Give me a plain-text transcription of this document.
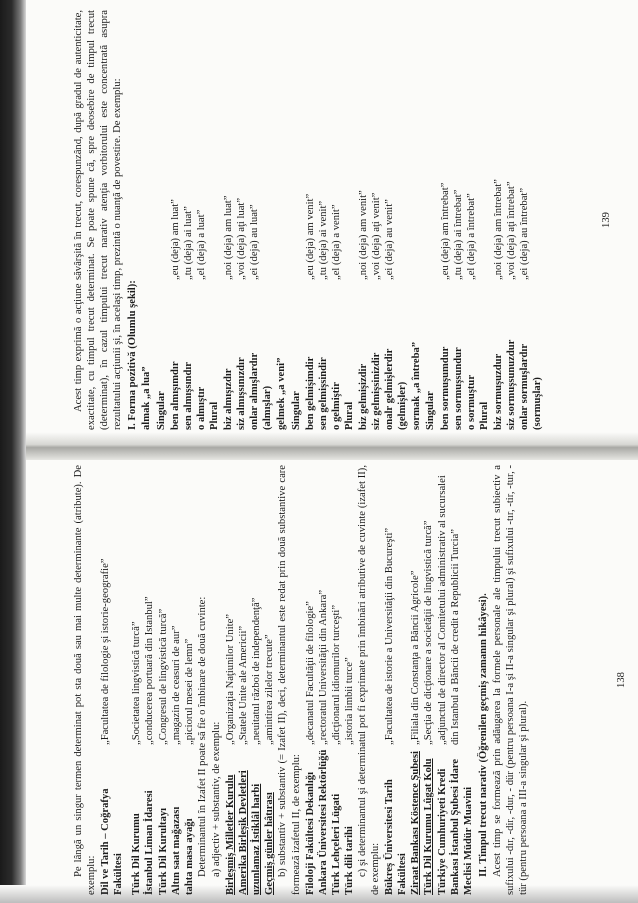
Acest timp exprimă o acţiune săvârşită în trecut, corespunzând, după gradul de autenticitate, exactitate, cu timpul trecut determinat. Se poate spune că, spre deosebire de timpul trecut (determinat), în cazul timpului trecut narativ atenţia vorbitorului este concentrată asupra rezultatului acţiunii şi, în acelaşi timp, prezintă o nuanţă de povestire. De exemplu: I. Forma pozitivă (Olumlu şekil): almak „a lua” Singular ben almışımdır
„eu (deja) am luat”
sen almışsındır
„tu (deja) ai luat”
o almıştır
„el (deja) a luat”

Plural biz almışızdır
„noi (deja) am luat”
siz almışsınızdır
„voi (deja) aţi luat”
onlar almışlardır
„ei (deja) au luat”

(almışlar) gelmek „a veni” Singular ben gelmişimdir
„eu (deja) am venit”
sen gelmişsindir
„tu (deja) ai venit”
o gelmiştir
„el (deja) a venit”

Plural biz gelmişizdir
„noi (deja) am venit”
siz gelmişsinizdir
„voi (deja) aţi venit”
onalr gelmişlerdir
„ei (deja) au venit”

(gelmişler) sormak „a întreba” Singular ben sormuşumdur
„eu (deja) am întrebat”
sen sormuşsundur
„tu (deja) ai întrebat”
o sormuştur
„el (deja) a întrebat”

Plural biz sormuşuzdur
„noi (deja) am întrebat”
siz sormuşsunuzdur
„voi (deja) aţi întrebat”
onlar sormuşlardır
„ei (deja) au întrebat”

(sormuşlar)

139

Pe lângă un singur termen determinat pot sta două sau mai multe determinante (atribute). De exemplu: Dil ve Tarih – Coğrafya Fakültesi
„Facultatea de filologie şi istorie-geografie”
Türk Dil Kurumu
„Societatea lingvistică turcă”
İstanbul Liman İdaresi
„conducerea portuară din Istanbul”
Türk Dil Kurultayı
„Congresul de lingvistică turcă”
Altın saat mağazası
„magazin de ceasuri de aur”
tahta masa ayağı
„piciorul mesei de lemn” Determinantul în Izafet II poate să fie o îmbinare de două cuvinte: a) adjectiv + substantiv, de exemplu: Birleşmiş Milletler Kurulu
„Organizaţia Naţiunilor Unite”
Amerika Birleşik Devletleri
„Statele Unite ale Americii”
uzunlamaz İstiklâl harbi
„neuitatul război de independenţă”
Geçmiş günler hâtırası
„amintirea zilelor trecute” b) substantiv + substantiv (= Izafet II), deci, determinantul este redat prin două substantive care formează izafetul II, de exemplu: Filoloji Fakültesi Dekanlığı
„decanatul Facultăţii de filologie”
Ankara Üniversitesi Rektörlüğü
„rectoratul Universităţii din Ankara”
Türk Lehçeleri Lügati
„dicţionarul idiomurilor turceşti”
Türk dili tarihi
„istoria limbii turce” c) şi determinantul şi determinatul pot fi exprimate prin îmbinări atributive de cuvinte (izafet II), de exemplu: Bükreş Üniversitesi Tarih Fakültesi
„Facultatea de istorie a Universităţii din Bucureşti”
Ziraat Bankası Köstence Şubesi
„Filiala din Constanţa a Băncii Agricole”
Türk Dil Kurumu Lûgat Kolu
„Secţia de dicţionare a societăţii de lingvistică turcă”
Türkiye Cumhuriyeti Kredi Bankası İstanbul Şubesi İdare Meclisi Müdür Muavini
„adjunctul de director al Comitetului administrativ al sucursalei din Istanbul a Băncii de credit a Republicii Turcia”	II. Timpul trecut narativ (Öğrenilen geçmiş zamanın hikâyesi). Acest timp se formează prin adăugarea la formele personale ale timpului trecut subiectiv a sufixului -dır, -dir, -dur, - dür (pentru persoana I-a şi II-a singular şi plural) şi sufixului -tır, -tir, -tur, -tür (pentru persoana a III-a singular şi plural).

138
